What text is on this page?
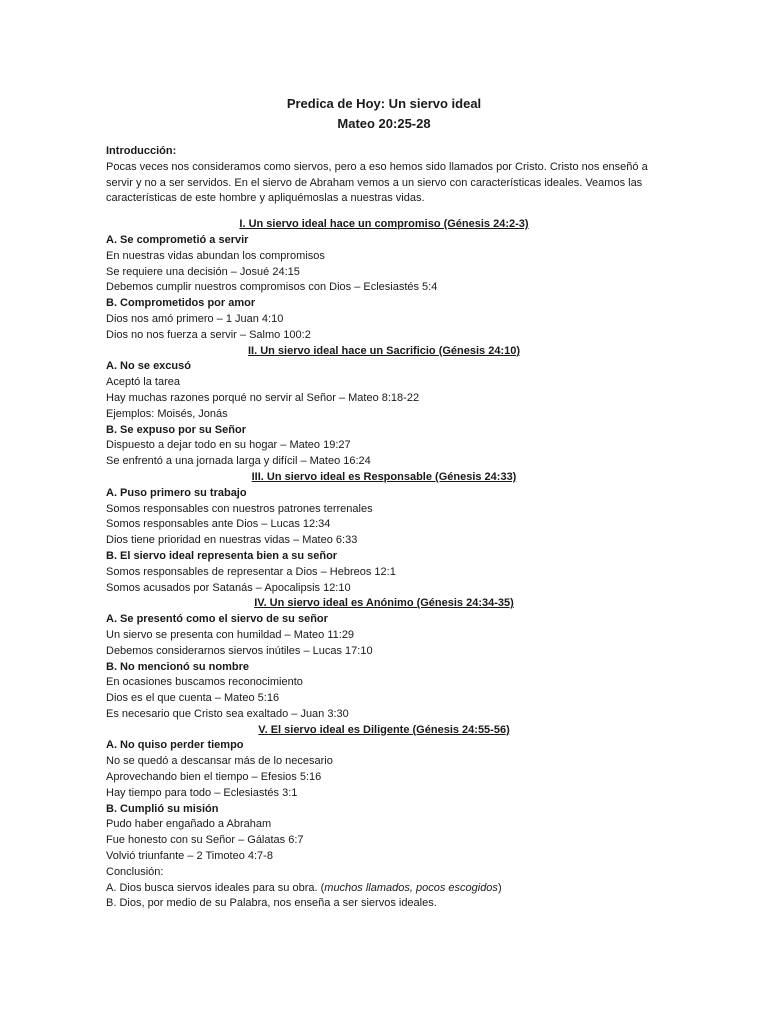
Predica de Hoy: Un siervo ideal
Mateo 20:25-28
Introducción:
Pocas veces nos consideramos como siervos, pero a eso hemos sido llamados por Cristo. Cristo nos enseñó a servir y no a ser servidos. En el siervo de Abraham vemos a un siervo con características ideales. Veamos las características de este hombre y apliquémoslas a nuestras vidas.
I. Un siervo ideal hace un compromiso (Génesis 24:2-3)
A. Se comprometió a servir
En nuestras vidas abundan los compromisos
Se requiere una decisión – Josué 24:15
Debemos cumplir nuestros compromisos con Dios – Eclesiastés 5:4
B. Comprometidos por amor
Dios nos amó primero – 1 Juan 4:10
Dios no nos fuerza a servir – Salmo 100:2
II. Un siervo ideal hace un Sacrificio (Génesis 24:10)
A. No se excusó
Aceptó la tarea
Hay muchas razones porqué no servir al Señor – Mateo 8:18-22
Ejemplos: Moisés, Jonás
B. Se expuso por su Señor
Dispuesto a dejar todo en su hogar – Mateo 19:27
Se enfrentó a una jornada larga y difícil – Mateo 16:24
III. Un siervo ideal es Responsable (Génesis 24:33)
A. Puso primero su trabajo
Somos responsables con nuestros patrones terrenales
Somos responsables ante Dios – Lucas 12:34
Dios tiene prioridad en nuestras vidas – Mateo 6:33
B. El siervo ideal representa bien a su señor
Somos responsables de representar a Dios – Hebreos 12:1
Somos acusados por Satanás – Apocalipsis 12:10
IV. Un siervo ideal es Anónimo (Génesis 24:34-35)
A. Se presentó como el siervo de su señor
Un siervo se presenta con humildad – Mateo 11:29
Debemos considerarnos siervos inútiles – Lucas 17:10
B. No mencionó su nombre
En ocasiones buscamos reconocimiento
Dios es el que cuenta – Mateo 5:16
Es necesario que Cristo sea exaltado – Juan 3:30
V. El siervo ideal es Diligente (Génesis 24:55-56)
A. No quiso perder tiempo
No se quedó a descansar más de lo necesario
Aprovechando bien el tiempo – Efesios 5:16
Hay tiempo para todo – Eclesiastés 3:1
B. Cumplió su misión
Pudo haber engañado a Abraham
Fue honesto con su Señor – Gálatas 6:7
Volvió triunfante – 2 Timoteo 4:7-8
Conclusión:
A. Dios busca siervos ideales para su obra. (muchos llamados, pocos escogidos)
B. Dios, por medio de su Palabra, nos enseña a ser siervos ideales.
